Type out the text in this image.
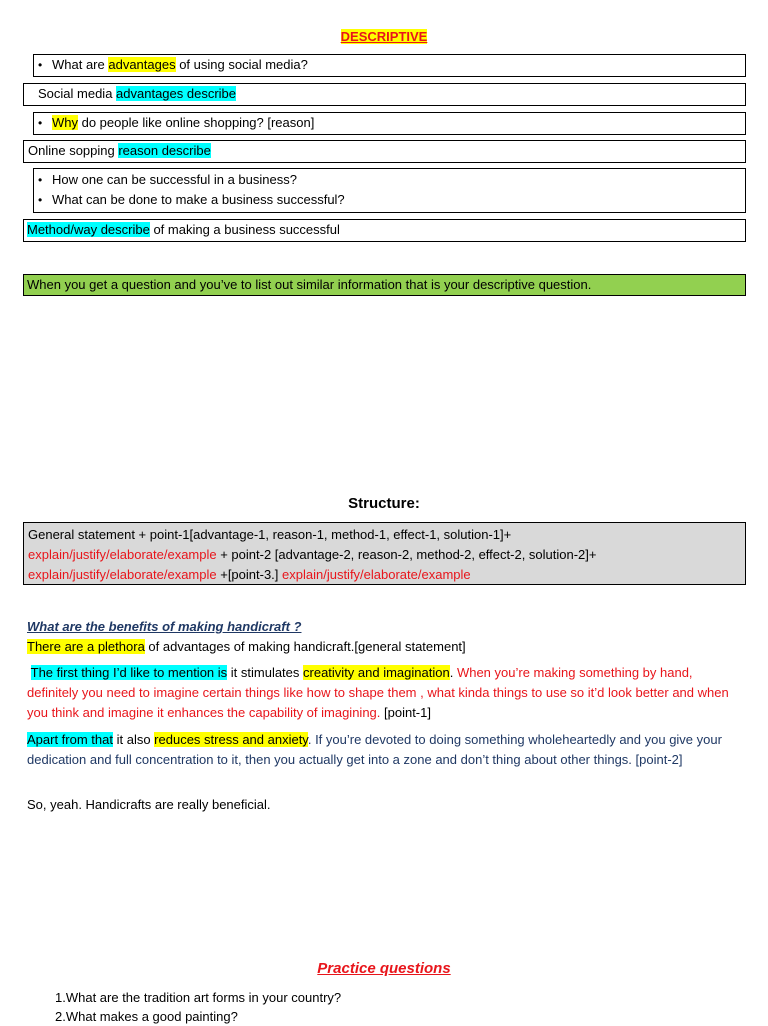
DESCRIPTIVE
• What are advantages of using social media?
Social media advantages describe
• Why do people like online shopping? [reason]
Online sopping reason describe
• How one can be successful in a business?
• What can be done to make a business successful?
Method/way describe of making a business successful
When you get a question and you’ve to list out similar information that is your descriptive question.
Structure:
General statement + point-1[advantage-1, reason-1, method-1, effect-1, solution-1]+
explain/justify/elaborate/example + point-2 [advantage-2, reason-2, method-2, effect-2, solution-2]+
explain/justify/elaborate/example +[point-3.] explain/justify/elaborate/example
What are the benefits of making handicraft ?
There are a plethora of advantages of making handicraft.[general statement]
The first thing I’d like to mention is it stimulates creativity and imagination. When you’re making something by hand, definitely you need to imagine certain things like how to shape them , what kinda things to use so it’d look better and when you think and imagine it enhances the capability of imagining. [point-1]
Apart from that it also reduces stress and anxiety. If you’re devoted to doing something wholeheartedly and you give your dedication and full concentration to it, then you actually get into a zone and don’t thing about other things. [point-2]
So, yeah. Handicrafts are really beneficial.
Practice questions
1.What are the tradition art forms in your country?
2.What makes a good painting?
